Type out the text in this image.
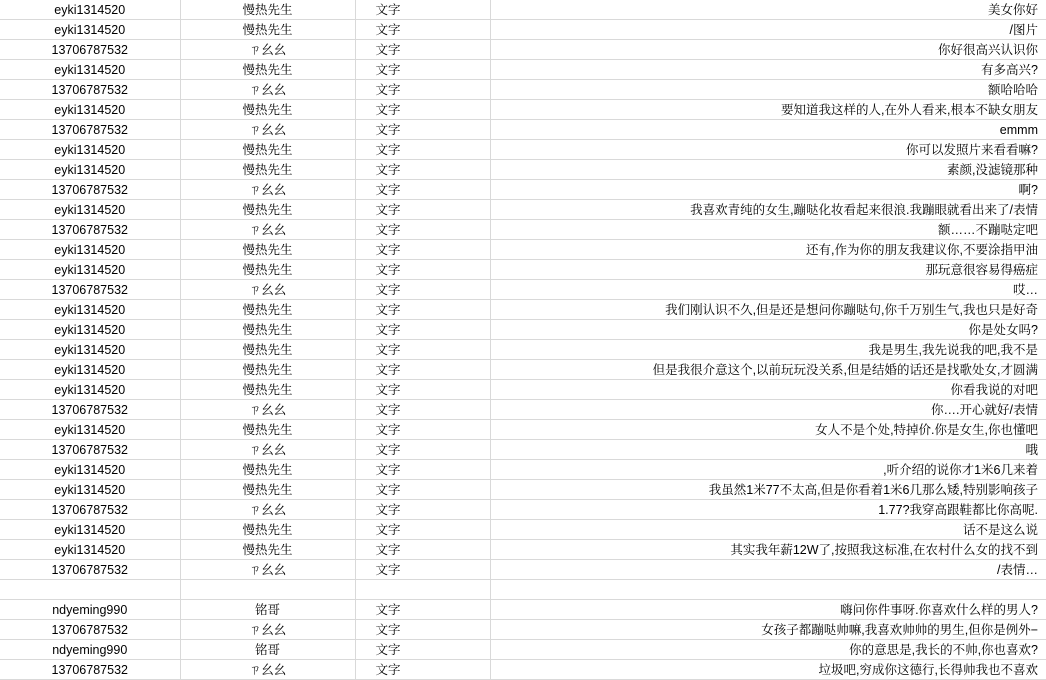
eyki1314520	慢热先生	文字	美女你好
eyki1314520	慢热先生	文字	/图片
13706787532	ㄗ幺幺	文字	你好很高兴认识你
eyki1314520	慢热先生	文字	有多高兴?
13706787532	ㄗ幺幺	文字	额哈哈哈
eyki1314520	慢热先生	文字	要知道我这样的人,在外人看来,根本不缺女朋友
13706787532	ㄗ幺幺	文字	emmm
eyki1314520	慢热先生	文字	你可以发照片来看看嘛?
eyki1314520	慢热先生	文字	素颜,没滤镜那种
13706787532	ㄗ幺幺	文字	啊?
eyki1314520	慢热先生	文字	我喜欢青纯的女生,蹦哒化妆看起来很浪.我蹦眼就看出来了/表情
13706787532	ㄗ幺幺	文字	额……不蹦哒定吧
eyki1314520	慢热先生	文字	还有,作为你的朋友我建议你,不要涂指甲油
eyki1314520	慢热先生	文字	那玩意很容易得癌症
13706787532	ㄗ幺幺	文字	哎…
eyki1314520	慢热先生	文字	我们刚认识不久,但是还是想问你蹦哒句,你千万别生气,我也只是好奇
eyki1314520	慢热先生	文字	你是处女吗?
eyki1314520	慢热先生	文字	我是男生,我先说我的吧,我不是
eyki1314520	慢热先生	文字	但是我很介意这个,以前玩玩没关系,但是结婚的话还是找歌处女,才圆满
eyki1314520	慢热先生	文字	你看我说的对吧
13706787532	ㄗ幺幺	文字	你….开心就好/表情
eyki1314520	慢热先生	文字	女人不是个处,特掉价.你是女生,你也懂吧
13706787532	ㄗ幺幺	文字	哦
eyki1314520	慢热先生	文字	,听介绍的说你才1米6几来着
eyki1314520	慢热先生	文字	我虽然1米77不太高,但是你看着1米6几那么矮,特别影响孩子
13706787532	ㄗ幺幺	文字	1.77?我穿高跟鞋都比你高呢.
eyki1314520	慢热先生	文字	话不是这么说
eyki1314520	慢热先生	文字	其实我年薪12W了,按照我这标准,在农村什么女的找不到
13706787532	ㄗ幺幺	文字	/表情…

ndyeming990	铭哥	文字	嗨问你件事呀.你喜欢什么样的男人?
13706787532	ㄗ幺幺	文字	女孩子都蹦哒帅嘛,我喜欢帅帅的男生,但你是例外−
ndyeming990	铭哥	文字	你的意思是,我长的不帅,你也喜欢?
13706787532	ㄗ幺幺	文字	垃圾吧,穷成你这德行,长得帅我也不喜欢
